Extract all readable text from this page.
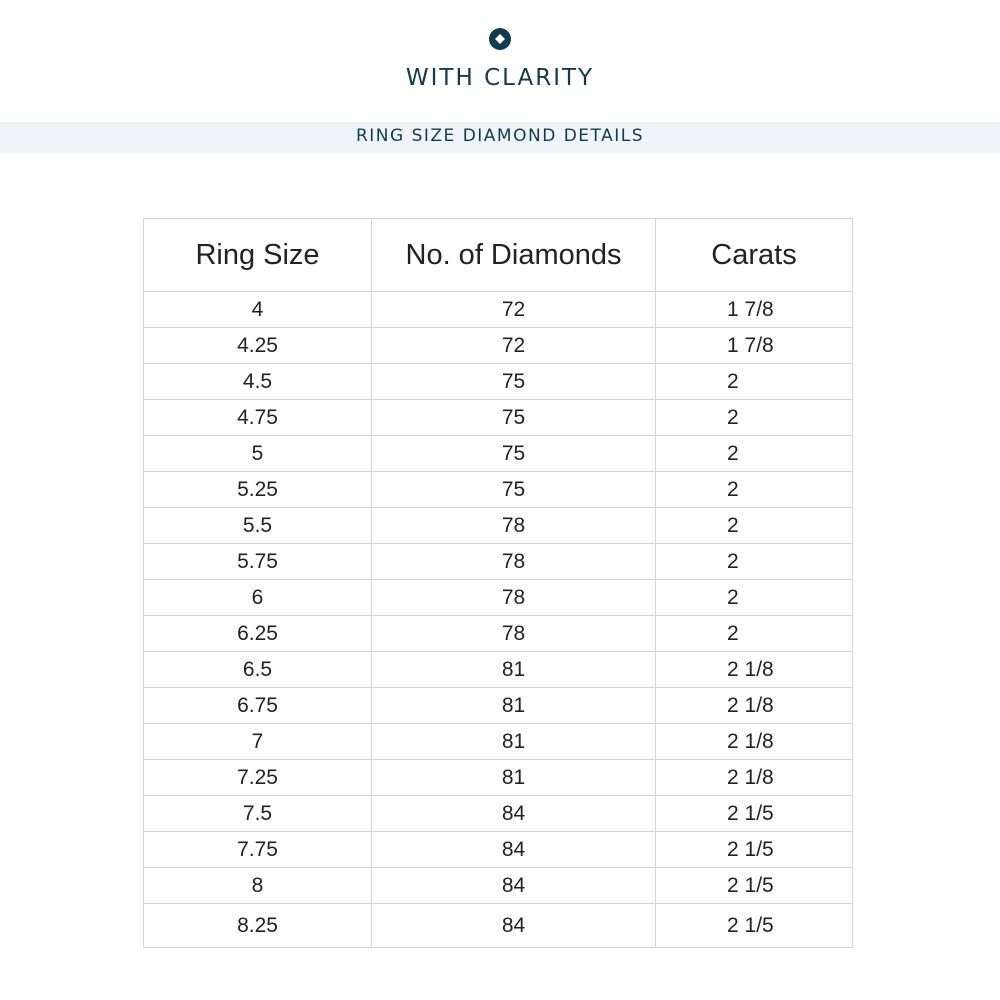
WITH CLARITY
RING SIZE DIAMOND DETAILS
Ring Size	No. of Diamonds	Carats
4	72	1 7/8
4.25	72	1 7/8
4.5	75	2
4.75	75	2
5	75	2
5.25	75	2
5.5	78	2
5.75	78	2
6	78	2
6.25	78	2
6.5	81	2 1/8
6.75	81	2 1/8
7	81	2 1/8
7.25	81	2 1/8
7.5	84	2 1/5
7.75	84	2 1/5
8	84	2 1/5
8.25	84	2 1/5
